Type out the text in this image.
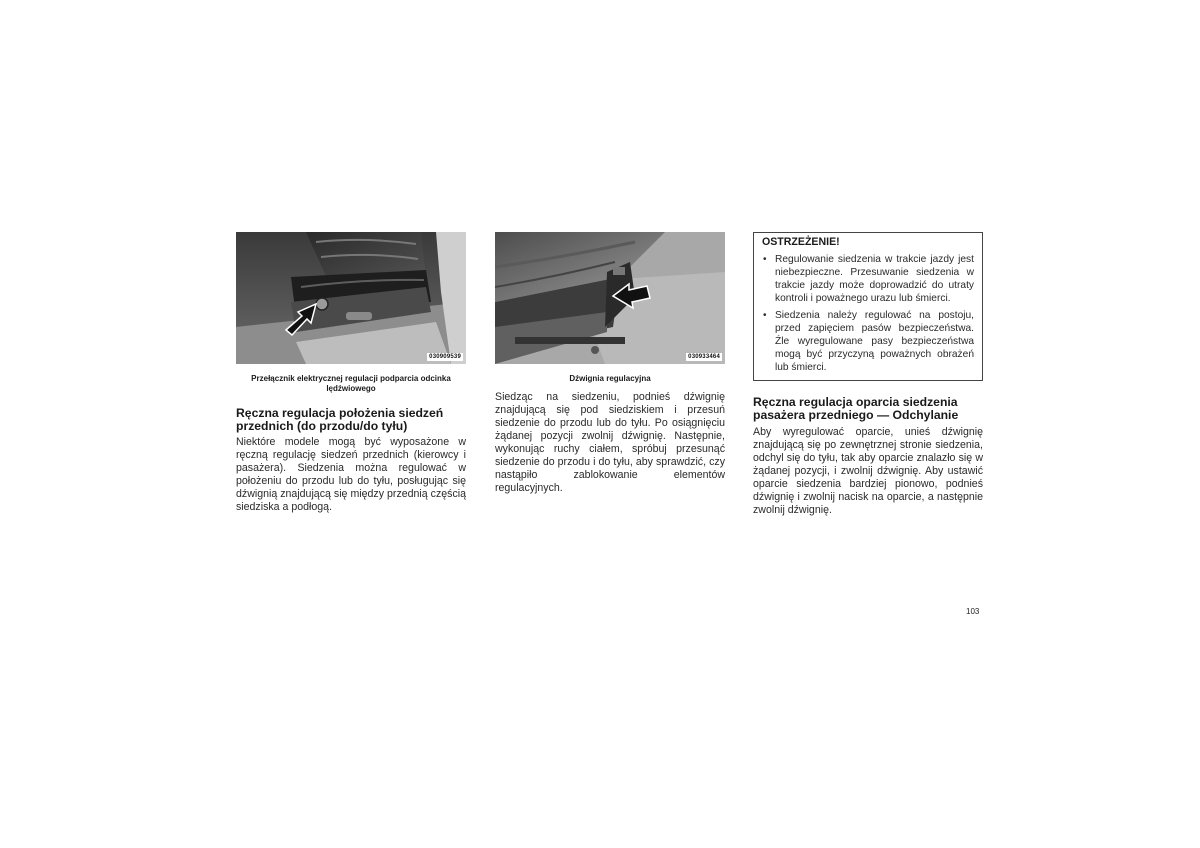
030909539
Przełącznik elektrycznej regulacji podparcia odcinka lędźwiowego
030933464
Dźwignia regulacyjna
Ręczna regulacja położenia siedzeń przednich (do przodu/do tyłu)

Niektóre modele mogą być wyposażone w ręczną regulację siedzeń przednich (kierowcy i pasażera). Siedzenia można regulować w położeniu do przodu lub do tyłu, posługując się dźwignią znajdującą się między przednią częścią siedziska a podłogą.

Siedząc na siedzeniu, podnieś dźwignię znajdującą się pod siedziskiem i przesuń siedzenie do przodu lub do tyłu. Po osiągnięciu żądanej pozycji zwolnij dźwignię. Następnie, wykonując ruchy ciałem, spróbuj przesunąć siedzenie do przodu i do tyłu, aby sprawdzić, czy nastąpiło zablokowanie elementów regulacyjnych.

OSTRZEŻENIE!
• Regulowanie siedzenia w trakcie jazdy jest niebezpieczne. Przesuwanie siedzenia w trakcie jazdy może doprowadzić do utraty kontroli i poważnego urazu lub śmierci.
• Siedzenia należy regulować na postoju, przed zapięciem pasów bezpieczeństwa. Źle wyregulowane pasy bezpieczeństwa mogą być przyczyną poważnych obrażeń lub śmierci.
Ręczna regulacja oparcia siedzenia pasażera przedniego — Odchylanie

Aby wyregulować oparcie, unieś dźwignię znajdującą się po zewnętrznej stronie siedzenia, odchyl się do tyłu, tak aby oparcie znalazło się w żądanej pozycji, i zwolnij dźwignię. Aby ustawić oparcie siedzenia bardziej pionowo, podnieś dźwignię i zwolnij nacisk na oparcie, a następnie zwolnij dźwignię.

103
